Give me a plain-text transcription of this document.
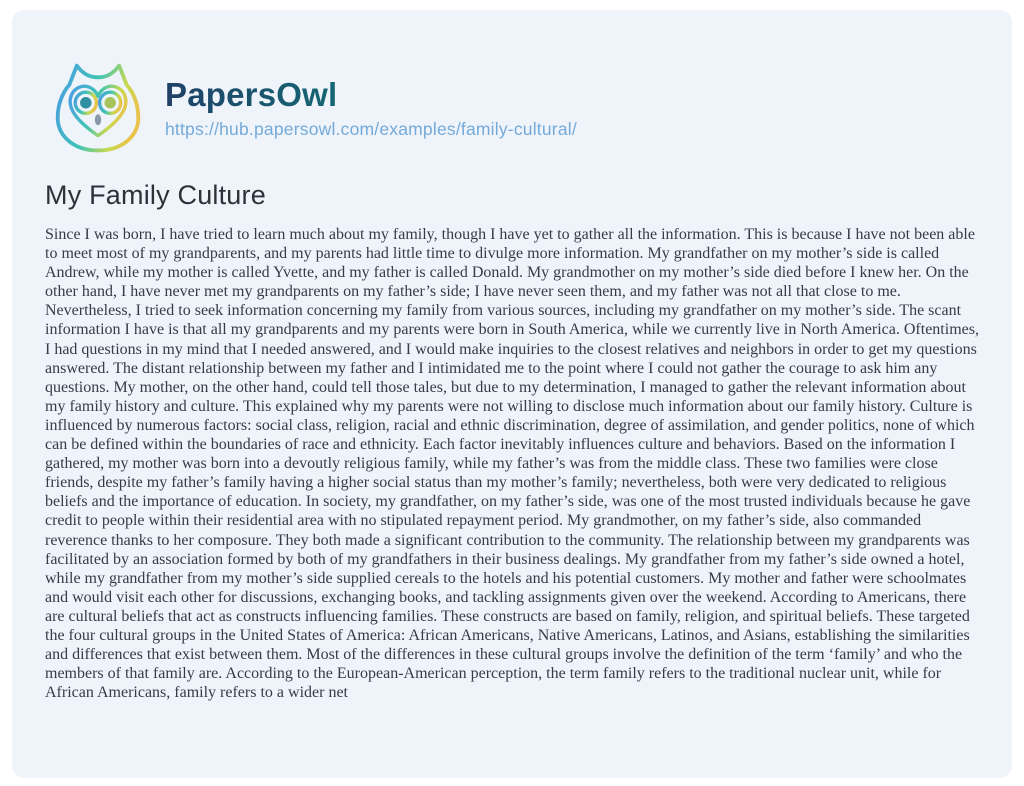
PapersOwl
https://hub.papersowl.com/examples/family-cultural/
My Family Culture

Since I was born, I have tried to learn much about my family, though I have yet to gather all the information. This is because I have not been able to meet most of my grandparents, and my parents had little time to divulge more information. My grandfather on my mother’s side is called Andrew, while my mother is called Yvette, and my father is called Donald. My grandmother on my mother’s side died before I knew her. On the other hand, I have never met my grandparents on my father’s side; I have never seen them, and my father was not all that close to me. Nevertheless, I tried to seek information concerning my family from various sources, including my grandfather on my mother’s side. The scant information I have is that all my grandparents and my parents were born in South America, while we currently live in North America. Oftentimes, I had questions in my mind that I needed answered, and I would make inquiries to the closest relatives and neighbors in order to get my questions answered. The distant relationship between my father and I intimidated me to the point where I could not gather the courage to ask him any questions. My mother, on the other hand, could tell those tales, but due to my determination, I managed to gather the relevant information about my family history and culture. This explained why my parents were not willing to disclose much information about our family history. Culture is influenced by numerous factors: social class, religion, racial and ethnic discrimination, degree of assimilation, and gender politics, none of which can be defined within the boundaries of race and ethnicity. Each factor inevitably influences culture and behaviors. Based on the information I gathered, my mother was born into a devoutly religious family, while my father’s was from the middle class. These two families were close friends, despite my father’s family having a higher social status than my mother’s family; nevertheless, both were very dedicated to religious beliefs and the importance of education. In society, my grandfather, on my father’s side, was one of the most trusted individuals because he gave credit to people within their residential area with no stipulated repayment period. My grandmother, on my father’s side, also commanded reverence thanks to her composure. They both made a significant contribution to the community. The relationship between my grandparents was facilitated by an association formed by both of my grandfathers in their business dealings. My grandfather from my father’s side owned a hotel, while my grandfather from my mother’s side supplied cereals to the hotels and his potential customers. My mother and father were schoolmates and would visit each other for discussions, exchanging books, and tackling assignments given over the weekend. According to Americans, there are cultural beliefs that act as constructs influencing families. These constructs are based on family, religion, and spiritual beliefs. These targeted the four cultural groups in the United States of America: African Americans, Native Americans, Latinos, and Asians, establishing the similarities and differences that exist between them. Most of the differences in these cultural groups involve the definition of the term ‘family’ and who the members of that family are. According to the European-American perception, the term family refers to the traditional nuclear unit, while for African Americans, family refers to a wider net
